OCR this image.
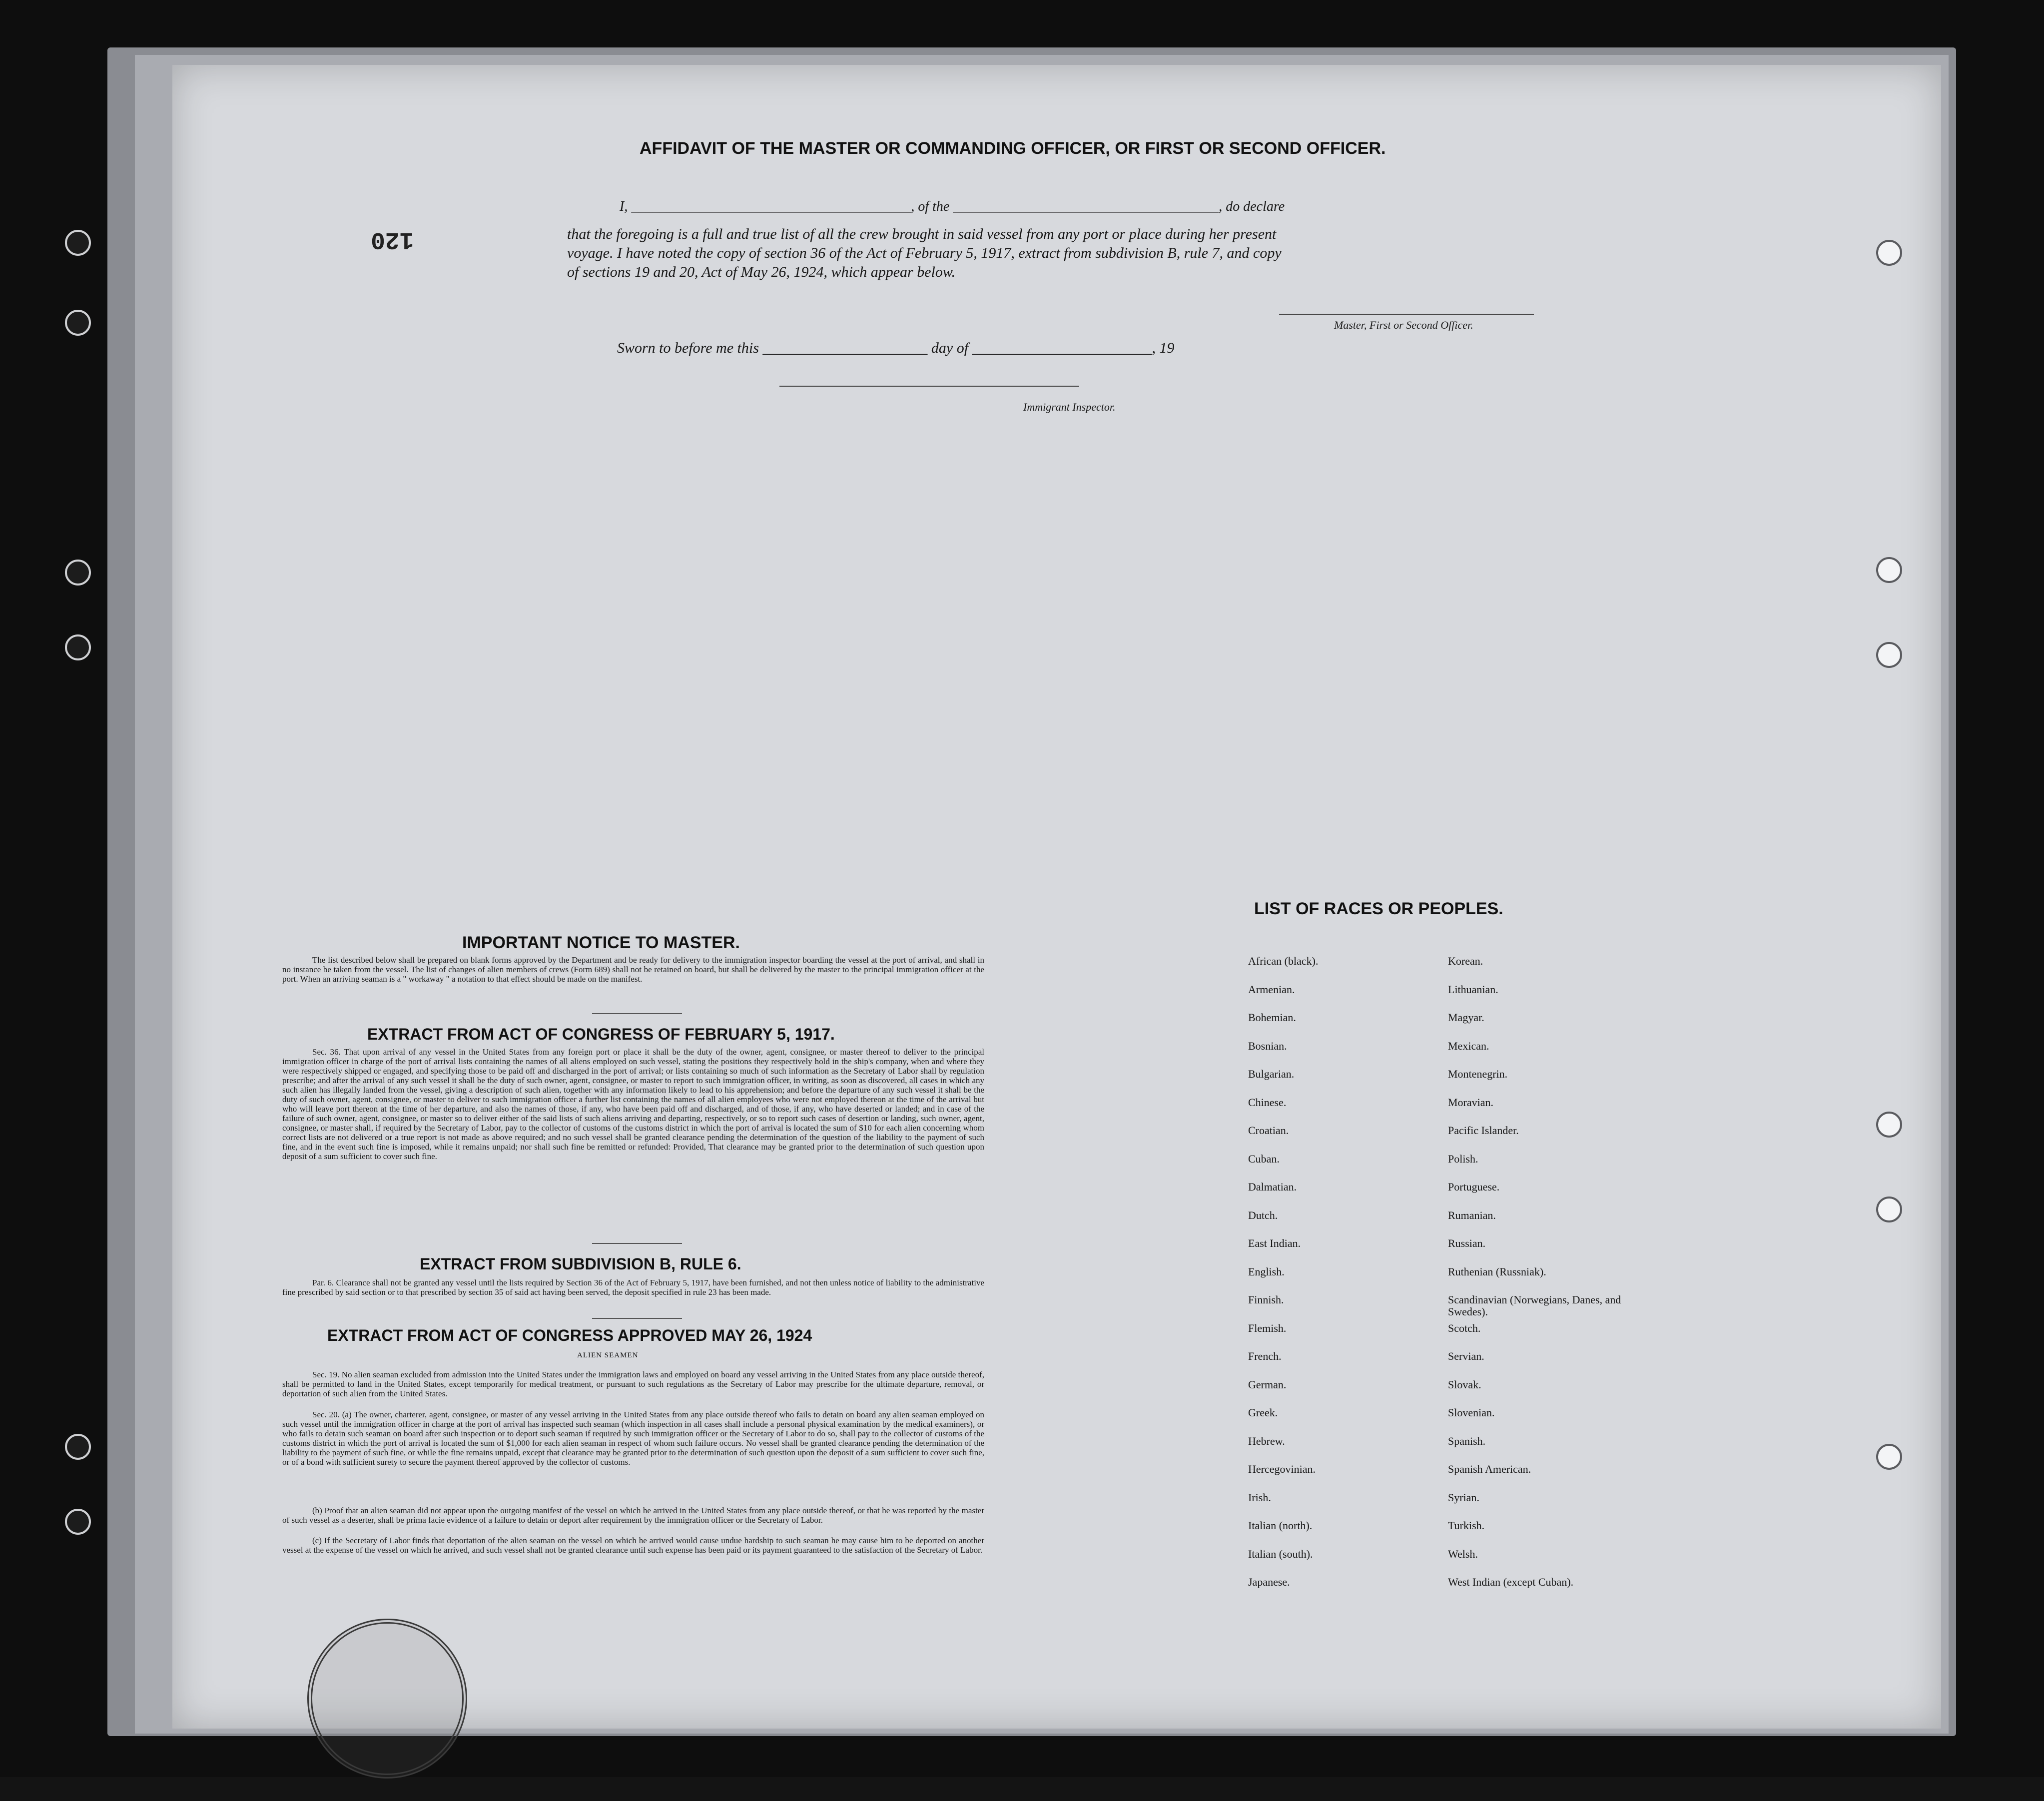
120
AFFIDAVIT OF THE MASTER OR COMMANDING OFFICER, OR FIRST OR SECOND OFFICER.
I, ________________________________________, of the ______________________________________, do declare
that the foregoing is a full and true list of all the crew brought in said vessel from any port or place during her present
voyage. I have noted the copy of section 36 of the Act of February 5, 1917, extract from subdivision B, rule 7, and copy
of sections 19 and 20, Act of May 26, 1924, which appear below.
Master, First or Second Officer.
Sworn to before me this ______________________ day of ________________________, 19
Immigrant Inspector.
IMPORTANT NOTICE TO MASTER.

The list described below shall be prepared on blank forms approved by the Department and be ready for delivery to the immigration inspector boarding the vessel at the port of arrival, and shall in no instance be taken from the vessel. The list of changes of alien members of crews (Form 689) shall not be retained on board, but shall be delivered by the master to the principal immigration officer at the port. When an arriving seaman is a " workaway " a notation to that effect should be made on the manifest.

EXTRACT FROM ACT OF CONGRESS OF FEBRUARY 5, 1917.

Sec. 36. That upon arrival of any vessel in the United States from any foreign port or place it shall be the duty of the owner, agent, consignee, or master thereof to deliver to the principal immigration officer in charge of the port of arrival lists containing the names of all aliens employed on such vessel, stating the positions they respectively hold in the ship's company, when and where they were respectively shipped or engaged, and specifying those to be paid off and discharged in the port of arrival; or lists containing so much of such information as the Secretary of Labor shall by regulation prescribe; and after the arrival of any such vessel it shall be the duty of such owner, agent, consignee, or master to report to such immigration officer, in writing, as soon as discovered, all cases in which any such alien has illegally landed from the vessel, giving a description of such alien, together with any information likely to lead to his apprehension; and before the departure of any such vessel it shall be the duty of such owner, agent, consignee, or master to deliver to such immigration officer a further list containing the names of all alien employees who were not employed thereon at the time of the arrival but who will leave port thereon at the time of her departure, and also the names of those, if any, who have been paid off and discharged, and of those, if any, who have deserted or landed; and in case of the failure of such owner, agent, consignee, or master so to deliver either of the said lists of such aliens arriving and departing, respectively, or so to report such cases of desertion or landing, such owner, agent, consignee, or master shall, if required by the Secretary of Labor, pay to the collector of customs of the customs district in which the port of arrival is located the sum of $10 for each alien concerning whom correct lists are not delivered or a true report is not made as above required; and no such vessel shall be granted clearance pending the determination of the question of the liability to the payment of such fine, and in the event such fine is imposed, while it remains unpaid; nor shall such fine be remitted or refunded: Provided, That clearance may be granted prior to the determination of such question upon deposit of a sum sufficient to cover such fine.

EXTRACT FROM SUBDIVISION B, RULE 6.

Par. 6. Clearance shall not be granted any vessel until the lists required by Section 36 of the Act of February 5, 1917, have been furnished, and not then unless notice of liability to the administrative fine prescribed by said section or to that prescribed by section 35 of said act having been served, the deposit specified in rule 23 has been made.

EXTRACT FROM ACT OF CONGRESS APPROVED MAY 26, 1924
ALIEN SEAMEN

Sec. 19. No alien seaman excluded from admission into the United States under the immigration laws and employed on board any vessel arriving in the United States from any place outside thereof, shall be permitted to land in the United States, except temporarily for medical treatment, or pursuant to such regulations as the Secretary of Labor may prescribe for the ultimate departure, removal, or deportation of such alien from the United States.

Sec. 20. (a) The owner, charterer, agent, consignee, or master of any vessel arriving in the United States from any place outside thereof who fails to detain on board any alien seaman employed on such vessel until the immigration officer in charge at the port of arrival has inspected such seaman (which inspection in all cases shall include a personal physical examination by the medical examiners), or who fails to detain such seaman on board after such inspection or to deport such seaman if required by such immigration officer or the Secretary of Labor to do so, shall pay to the collector of customs of the customs district in which the port of arrival is located the sum of $1,000 for each alien seaman in respect of whom such failure occurs. No vessel shall be granted clearance pending the determination of the liability to the payment of such fine, or while the fine remains unpaid, except that clearance may be granted prior to the determination of such question upon the deposit of a sum sufficient to cover such fine, or of a bond with sufficient surety to secure the payment thereof approved by the collector of customs.

(b) Proof that an alien seaman did not appear upon the outgoing manifest of the vessel on which he arrived in the United States from any place outside thereof, or that he was reported by the master of such vessel as a deserter, shall be prima facie evidence of a failure to detain or deport after requirement by the immigration officer or the Secretary of Labor.

(c) If the Secretary of Labor finds that deportation of the alien seaman on the vessel on which he arrived would cause undue hardship to such seaman he may cause him to be deported on another vessel at the expense of the vessel on which he arrived, and such vessel shall not be granted clearance until such expense has been paid or its payment guaranteed to the satisfaction of the Secretary of Labor.

LIST OF RACES OR PEOPLES.
African (black).
Armenian.
Bohemian.
Bosnian.
Bulgarian.
Chinese.
Croatian.
Cuban.
Dalmatian.
Dutch.
East Indian.
English.
Finnish.
Flemish.
French.
German.
Greek.
Hebrew.
Hercegovinian.
Irish.
Italian (north).
Italian (south).
Japanese.
Korean.
Lithuanian.
Magyar.
Mexican.
Montenegrin.
Moravian.
Pacific Islander.
Polish.
Portuguese.
Rumanian.
Russian.
Ruthenian (Russniak).
Scandinavian (Norwegians, Danes, and Swedes).
Scotch.
Servian.
Slovak.
Slovenian.
Spanish.
Spanish American.
Syrian.
Turkish.
Welsh.
West Indian (except Cuban).
